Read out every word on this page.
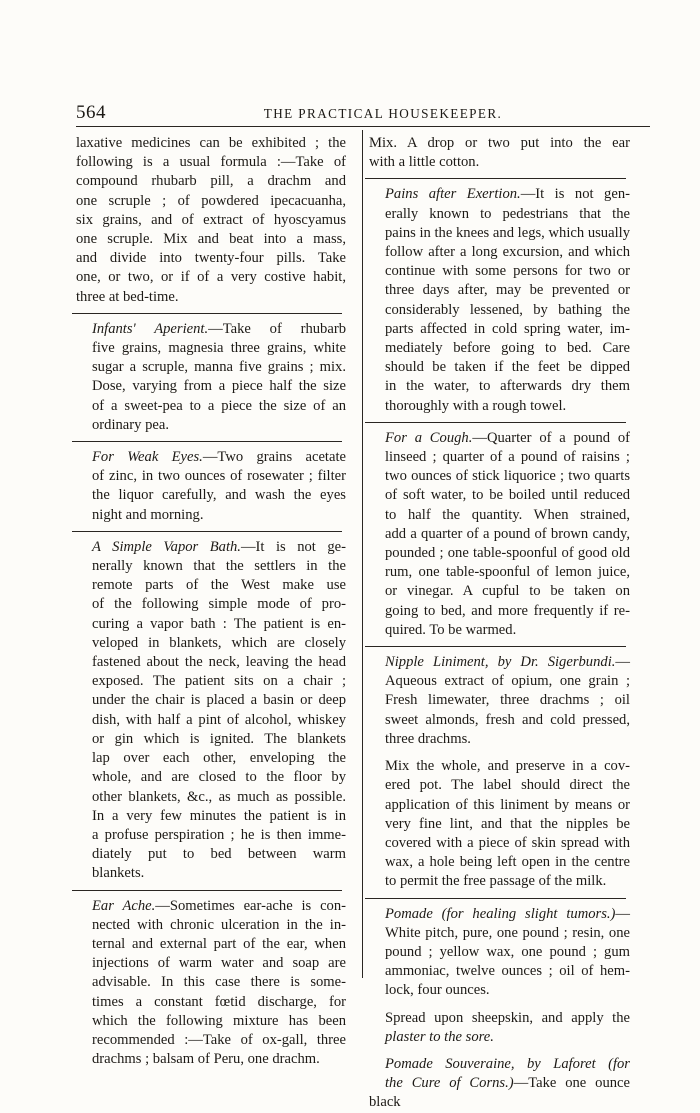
564	THE PRACTICAL HOUSEKEEPER.

laxative medicines can be exhibited ; the
following is a usual formula :—Take of
compound rhubarb pill, a drachm and
one scruple ; of powdered ipecacuanha,
six grains, and of extract of hyoscyamus
one scruple. Mix and beat into a mass,
and divide into twenty-four pills. Take
one, or two, or if of a very costive habit,
three at bed-time.

Infants' Aperient.—Take of rhubarb
five grains, magnesia three grains, white
sugar a scruple, manna five grains ; mix.
Dose, varying from a piece half the size
of a sweet-pea to a piece the size of an
ordinary pea.

For Weak Eyes.—Two grains acetate
of zinc, in two ounces of rosewater ; filter
the liquor carefully, and wash the eyes
night and morning.

A Simple Vapor Bath.—It is not ge-
nerally known that the settlers in the
remote parts of the West make use
of the following simple mode of pro-
curing a vapor bath : The patient is en-
veloped in blankets, which are closely
fastened about the neck, leaving the head
exposed. The patient sits on a chair ;
under the chair is placed a basin or deep
dish, with half a pint of alcohol, whiskey
or gin which is ignited. The blankets
lap over each other, enveloping the
whole, and are closed to the floor by
other blankets, &c., as much as possible.
In a very few minutes the patient is in
a profuse perspiration ; he is then imme-
diately put to bed between warm
blankets.

Ear Ache.—Sometimes ear-ache is con-
nected with chronic ulceration in the in-
ternal and external part of the ear, when
injections of warm water and soap are
advisable. In this case there is some-
times a constant fœtid discharge, for
which the following mixture has been
recommended :—Take of ox-gall, three
drachms ; balsam of Peru, one drachm.

Mix. A drop or two put into the ear
with a little cotton.

Pains after Exertion.—It is not gen-
erally known to pedestrians that the
pains in the knees and legs, which usually
follow after a long excursion, and which
continue with some persons for two or
three days after, may be prevented or
considerably lessened, by bathing the
parts affected in cold spring water, im-
mediately before going to bed. Care
should be taken if the feet be dipped
in the water, to afterwards dry them
thoroughly with a rough towel.

For a Cough.—Quarter of a pound of
linseed ; quarter of a pound of raisins ;
two ounces of stick liquorice ; two quarts
of soft water, to be boiled until reduced
to half the quantity. When strained,
add a quarter of a pound of brown candy,
pounded ; one table-spoonful of good old
rum, one table-spoonful of lemon juice,
or vinegar. A cupful to be taken on
going to bed, and more frequently if re-
quired. To be warmed.

Nipple Liniment, by Dr. Sigerbundi.—
Aqueous extract of opium, one grain ;
Fresh limewater, three drachms ; oil
sweet almonds, fresh and cold pressed,
three drachms.

Mix the whole, and preserve in a cov-
ered pot. The label should direct the
application of this liniment by means or
very fine lint, and that the nipples be
covered with a piece of skin spread with
wax, a hole being left open in the centre
to permit the free passage of the milk.

Pomade (for healing slight tumors.)—
White pitch, pure, one pound ; resin, one
pound ; yellow wax, one pound ; gum
ammoniac, twelve ounces ; oil of hem-
lock, four ounces.

Spread upon sheepskin, and apply the
plaster to the sore.

Pomade Souveraine, by Laforet (for
the Cure of Corns.)—Take one ounce black
